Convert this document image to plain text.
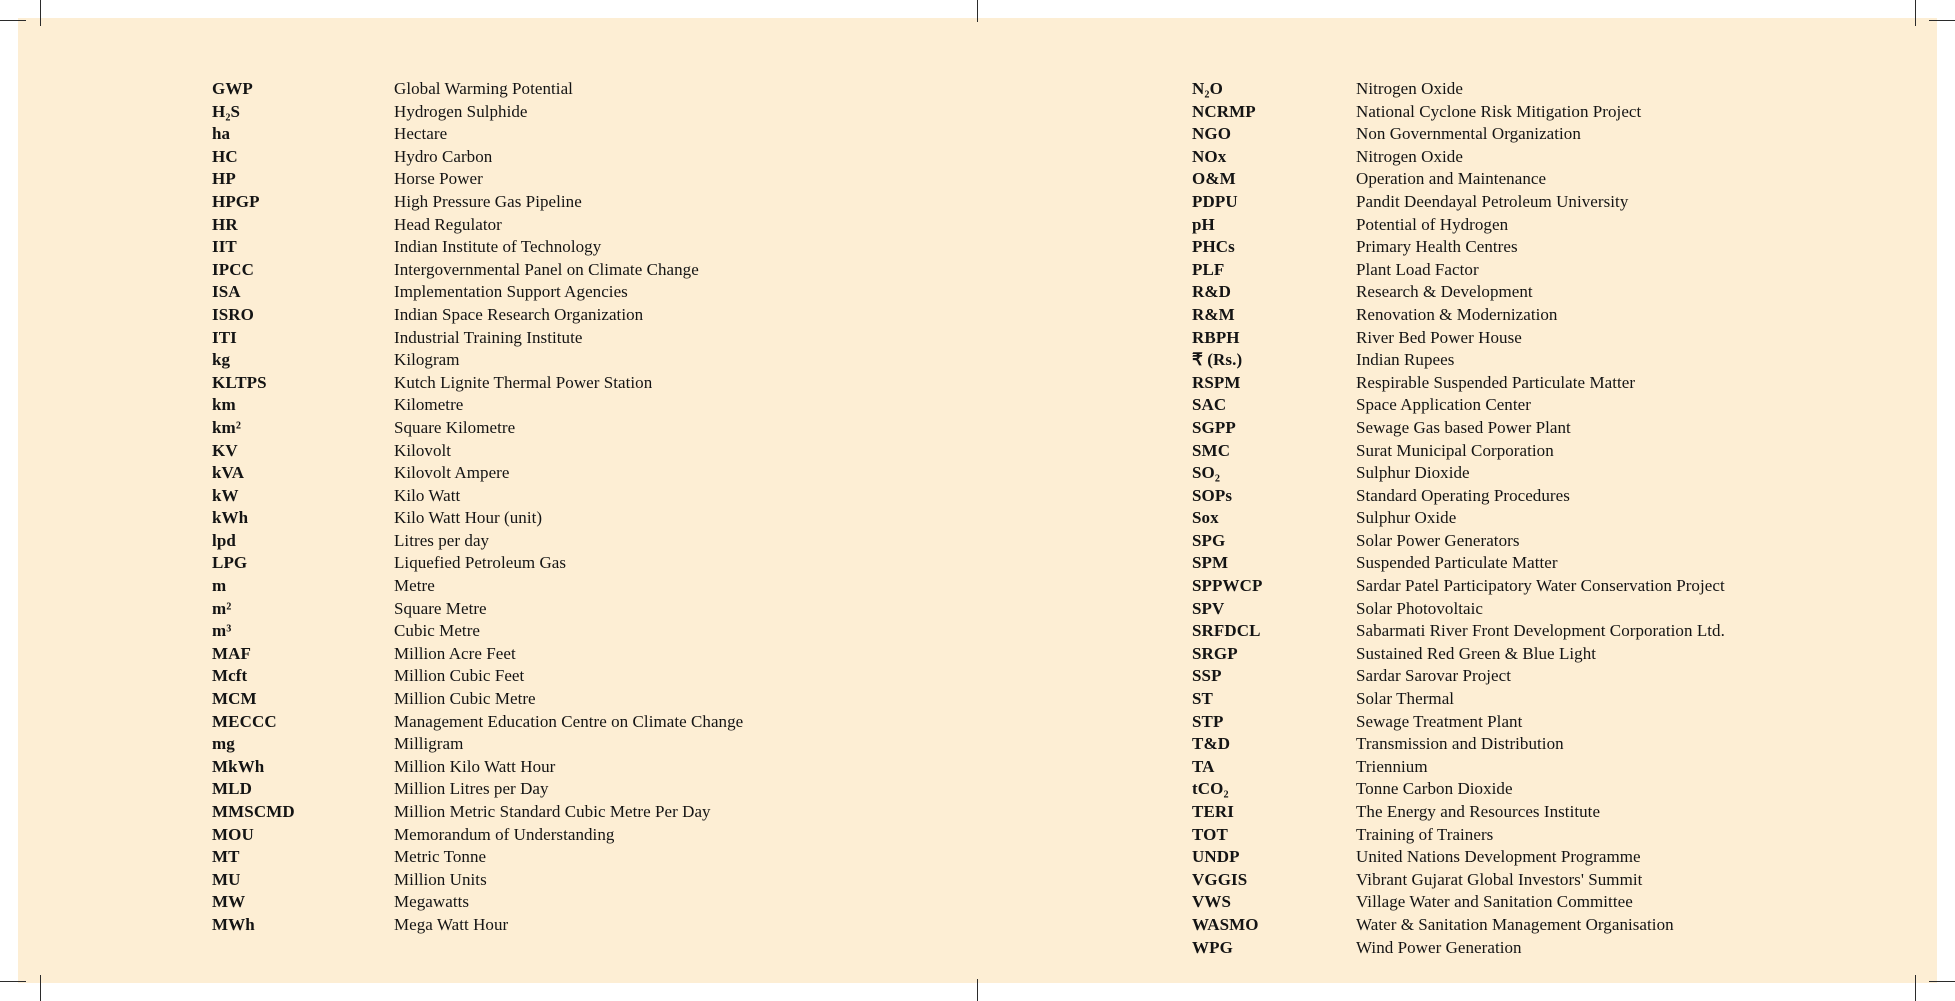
GWP	Global Warming Potential
H₂S	Hydrogen Sulphide
ha	Hectare
HC	Hydro Carbon
HP	Horse Power
HPGP	High Pressure Gas Pipeline
HR	Head Regulator
IIT	Indian Institute of Technology
IPCC	Intergovernmental Panel on Climate Change
ISA	Implementation Support Agencies
ISRO	Indian Space Research Organization
ITI	Industrial Training Institute
kg	Kilogram
KLTPS	Kutch Lignite Thermal Power Station
km	Kilometre
km²	Square Kilometre
KV	Kilovolt
kVA	Kilovolt Ampere
kW	Kilo Watt
kWh	Kilo Watt Hour (unit)
lpd	Litres per day
LPG	Liquefied Petroleum Gas
m	Metre
m²	Square Metre
m³	Cubic Metre
MAF	Million Acre Feet
Mcft	Million Cubic Feet
MCM	Million Cubic Metre
MECCC	Management Education Centre on Climate Change
mg	Milligram
MkWh	Million Kilo Watt Hour
MLD	Million Litres per Day
MMSCMD	Million Metric Standard Cubic Metre Per Day
MOU	Memorandum of Understanding
MT	Metric Tonne
MU	Million Units
MW	Megawatts
MWh	Mega Watt Hour
N₂O	Nitrogen Oxide
NCRMP	National Cyclone Risk Mitigation Project
NGO	Non Governmental Organization
NOx	Nitrogen Oxide
O&M	Operation and Maintenance
PDPU	Pandit Deendayal Petroleum University
pH	Potential of Hydrogen
PHCs	Primary Health Centres
PLF	Plant Load Factor
R&D	Research & Development
R&M	Renovation & Modernization
RBPH	River Bed Power House
₹ (Rs.)	Indian Rupees
RSPM	Respirable Suspended Particulate Matter
SAC	Space Application Center
SGPP	Sewage Gas based Power Plant
SMC	Surat Municipal Corporation
SO₂	Sulphur Dioxide
SOPs	Standard Operating Procedures
Sox	Sulphur Oxide
SPG	Solar Power Generators
SPM	Suspended Particulate Matter
SPPWCP	Sardar Patel Participatory Water Conservation Project
SPV	Solar Photovoltaic
SRFDCL	Sabarmati River Front Development Corporation Ltd.
SRGP	Sustained Red Green & Blue Light
SSP	Sardar Sarovar Project
ST	Solar Thermal
STP	Sewage Treatment Plant
T&D	Transmission and Distribution
TA	Triennium
tCO₂	Tonne Carbon Dioxide
TERI	The Energy and Resources Institute
TOT	Training of Trainers
UNDP	United Nations Development Programme
VGGIS	Vibrant Gujarat Global Investors' Summit
VWS	Village Water and Sanitation Committee
WASMO	Water & Sanitation Management Organisation
WPG	Wind Power Generation
